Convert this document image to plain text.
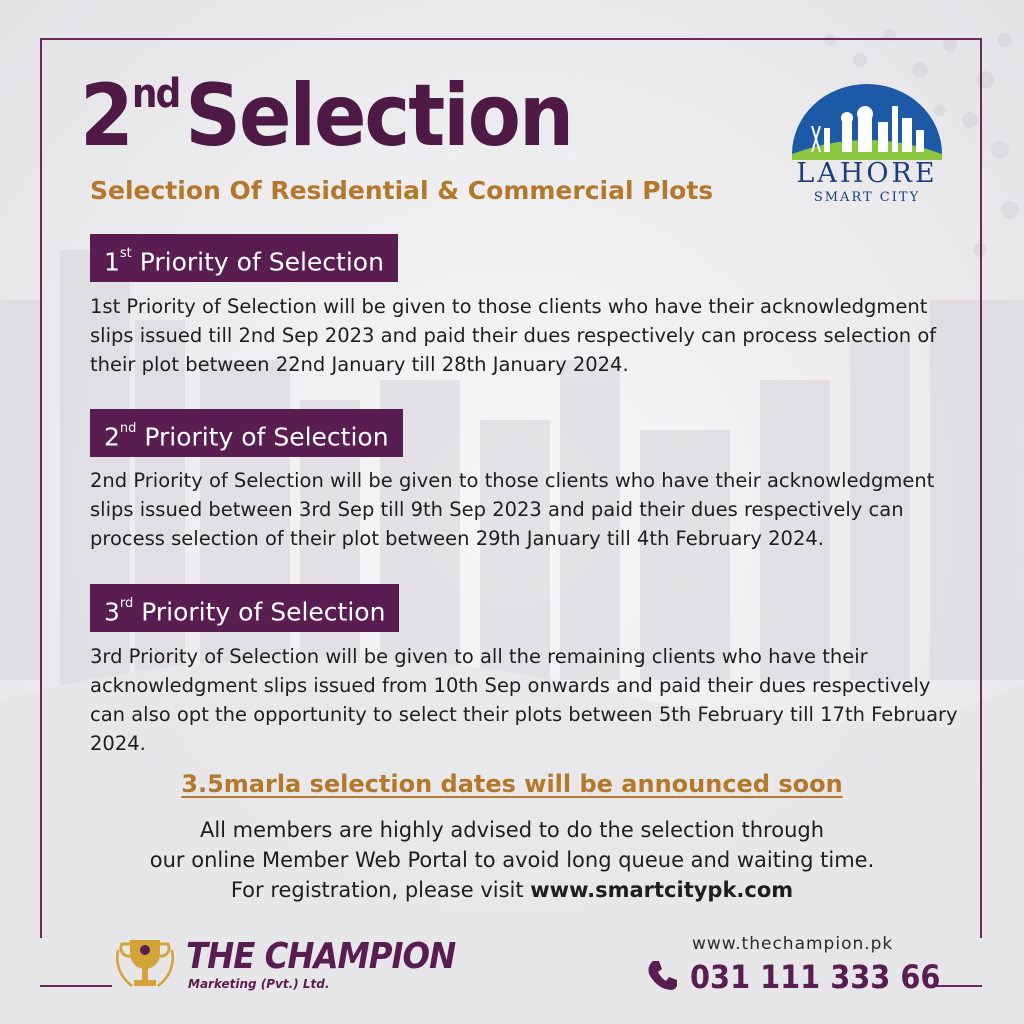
2ndSelection
Selection Of Residential & Commercial Plots
LAHORE
SMART CITY
1st Priority of Selection
1st Priority of Selection will be given to those clients who have their acknowledgment slips issued till 2nd Sep 2023 and paid their dues respectively can process selection of their plot between 22nd January till 28th January 2024.
2nd Priority of Selection
2nd Priority of Selection will be given to those clients who have their acknowledgment slips issued between 3rd Sep till 9th Sep 2023 and paid their dues respectively can process selection of their plot between 29th January till 4th February 2024.
3rd Priority of Selection
3rd Priority of Selection will be given to all the remaining clients who have their acknowledgment slips issued from 10th Sep onwards and paid their dues respectively can also opt the opportunity to select their plots between 5th February till 17th February 2024.
3.5marla selection dates will be announced soon
All members are highly advised to do the selection through
our online Member Web Portal to avoid long queue and waiting time.
For registration, please visit www.smartcitypk.com
THE CHAMPION
Marketing (Pvt.) Ltd.
www.thechampion.pk
031 111 333 66
